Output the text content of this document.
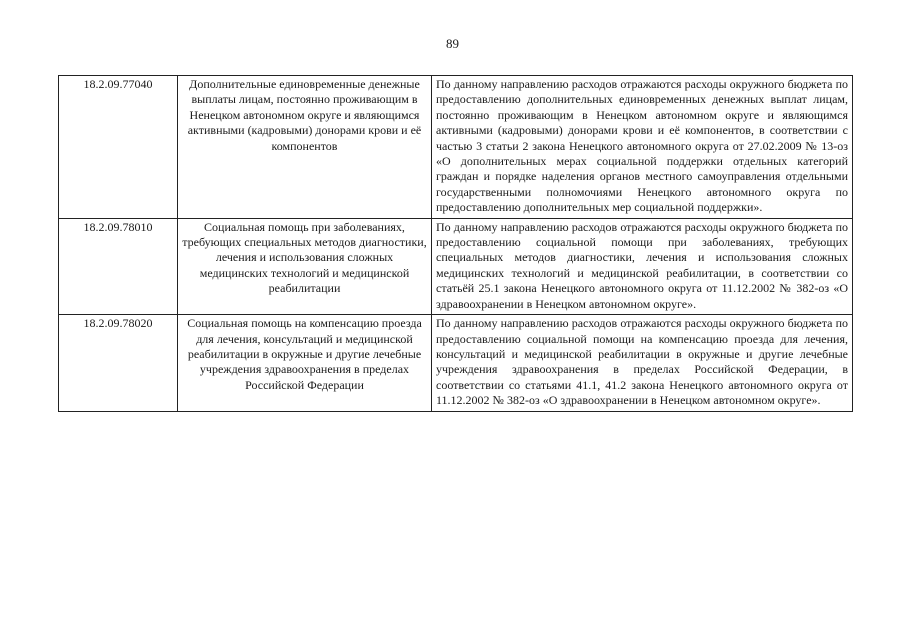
89
18.2.09.77040	Дополнительные единовременные денежные выплаты лицам, постоянно проживающим в Ненецком автономном округе и являющимся активными (кадровыми) донорами крови и её компонентов	По данному направлению расходов отражаются расходы окружного бюджета по предоставлению дополнительных единовременных денежных выплат лицам, постоянно проживающим в Ненецком автономном округе и являющимся активными (кадровыми) донорами крови и её компонентов, в соответствии с частью 3 статьи 2 закона Ненецкого автономного округа от 27.02.2009 № 13-оз «О дополнительных мерах социальной поддержки отдельных категорий граждан и порядке наделения органов местного самоуправления отдельными государственными полномочиями Ненецкого автономного округа по предоставлению дополнительных мер социальной поддержки».
18.2.09.78010	Социальная помощь при заболеваниях, требующих специальных методов диагностики, лечения и использования сложных медицинских технологий и медицинской реабилитации	По данному направлению расходов отражаются расходы окружного бюджета по предоставлению социальной помощи при заболеваниях, требующих специальных методов диагностики, лечения и использования сложных медицинских технологий и медицинской реабилитации, в соответствии со статьёй 25.1 закона Ненецкого автономного округа от 11.12.2002 № 382-оз «О здравоохранении в Ненецком автономном округе».
18.2.09.78020	Социальная помощь на компенсацию проезда для лечения, консультаций и медицинской реабилитации в окружные и другие лечебные учреждения здравоохранения в пределах Российской Федерации	По данному направлению расходов отражаются расходы окружного бюджета по предоставлению социальной помощи на компенсацию проезда для лечения, консультаций и медицинской реабилитации в окружные и другие лечебные учреждения здравоохранения в пределах Российской Федерации, в соответствии со статьями 41.1, 41.2 закона Ненецкого автономного округа от 11.12.2002 № 382-оз «О здравоохранении в Ненецком автономном округе».
